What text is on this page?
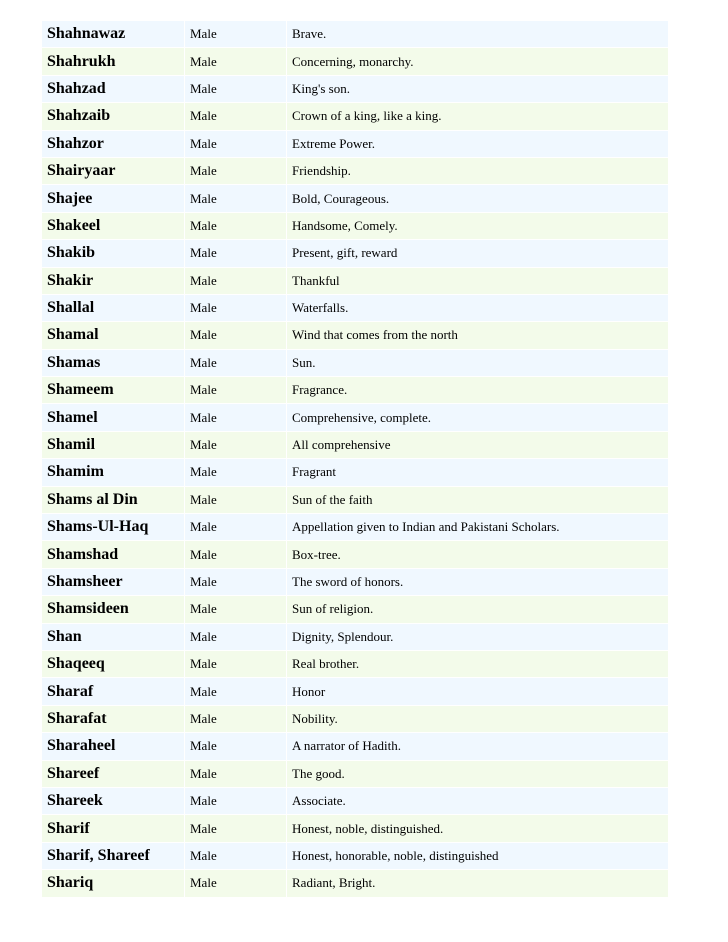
Shahnawaz	Male	Brave.
Shahrukh	Male	Concerning, monarchy.
Shahzad	Male	King's son.
Shahzaib	Male	Crown of a king, like a king.
Shahzor	Male	Extreme Power.
Shairyaar	Male	Friendship.
Shajee	Male	Bold, Courageous.
Shakeel	Male	Handsome, Comely.
Shakib	Male	Present, gift, reward
Shakir	Male	Thankful
Shallal	Male	Waterfalls.
Shamal	Male	Wind that comes from the north
Shamas	Male	Sun.
Shameem	Male	Fragrance.
Shamel	Male	Comprehensive, complete.
Shamil	Male	All comprehensive
Shamim	Male	Fragrant
Shams al Din	Male	Sun of the faith
Shams-Ul-Haq	Male	Appellation given to Indian and Pakistani Scholars.
Shamshad	Male	Box-tree.
Shamsheer	Male	The sword of honors.
Shamsideen	Male	Sun of religion.
Shan	Male	Dignity, Splendour.
Shaqeeq	Male	Real brother.
Sharaf	Male	Honor
Sharafat	Male	Nobility.
Sharaheel	Male	A narrator of Hadith.
Shareef	Male	The good.
Shareek	Male	Associate.
Sharif	Male	Honest, noble, distinguished.
Sharif, Shareef	Male	Honest, honorable, noble, distinguished
Shariq	Male	Radiant, Bright.
